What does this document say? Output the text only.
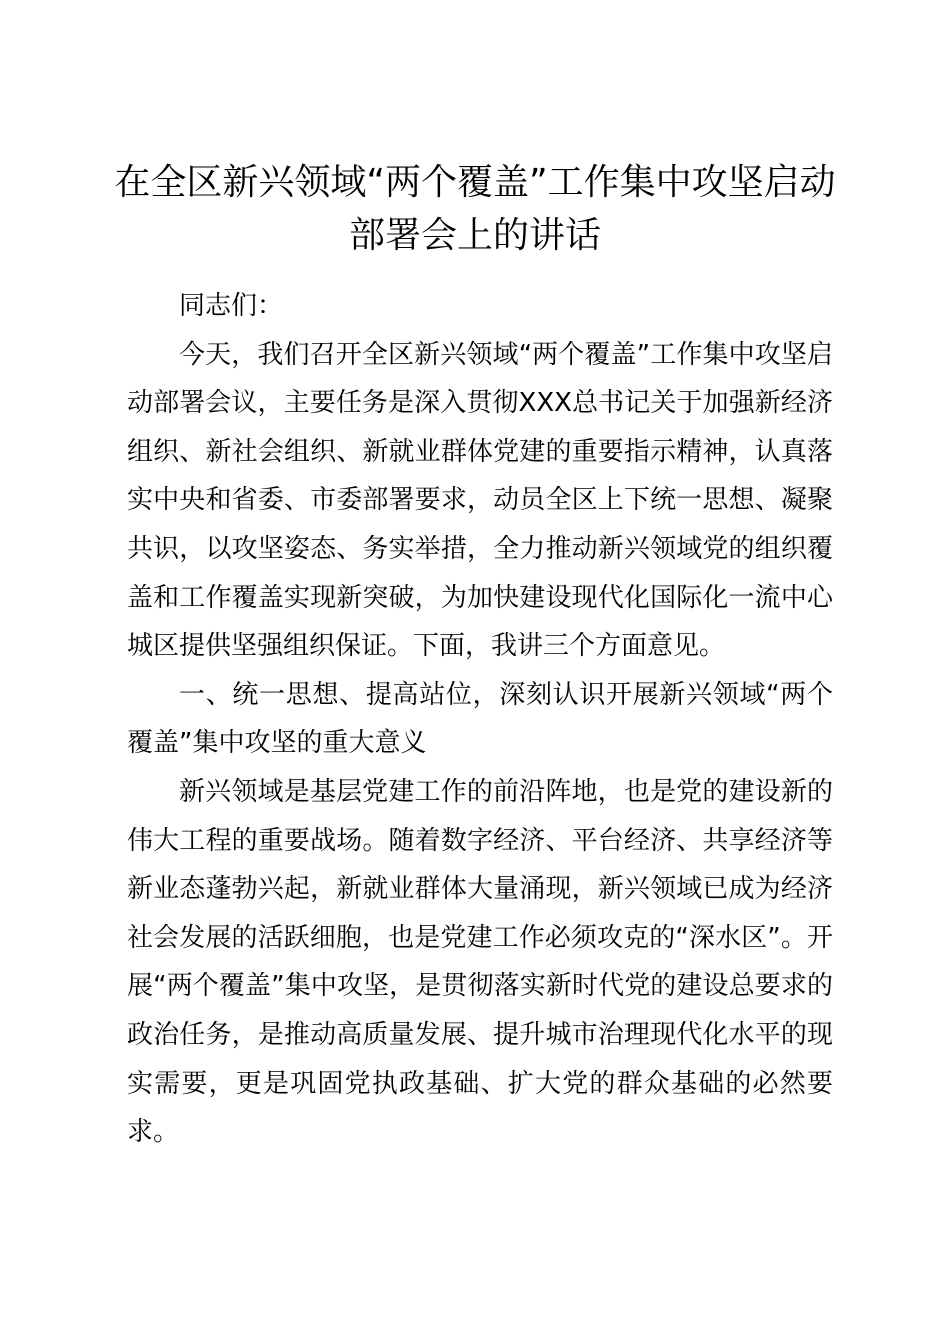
在全区新兴领域“两个覆盖”工作集中攻坚启动部署会上的讲话

同志们：

今天，我们召开全区新兴领域“两个覆盖”工作集中攻坚启动部署会议，主要任务是深入贯彻XXX总书记关于加强新经济组织、新社会组织、新就业群体党建的重要指示精神，认真落实中央和省委、市委部署要求，动员全区上下统一思想、凝聚共识，以攻坚姿态、务实举措，全力推动新兴领域党的组织覆盖和工作覆盖实现新突破，为加快建设现代化国际化一流中心城区提供坚强组织保证。下面，我讲三个方面意见。

一、统一思想、提高站位，深刻认识开展新兴领域“两个覆盖”集中攻坚的重大意义

新兴领域是基层党建工作的前沿阵地，也是党的建设新的伟大工程的重要战场。随着数字经济、平台经济、共享经济等新业态蓬勃兴起，新就业群体大量涌现，新兴领域已成为经济社会发展的活跃细胞，也是党建工作必须攻克的“深水区”。开展“两个覆盖”集中攻坚，是贯彻落实新时代党的建设总要求的政治任务，是推动高质量发展、提升城市治理现代化水平的现实需要，更是巩固党执政基础、扩大党的群众基础的必然要求。
